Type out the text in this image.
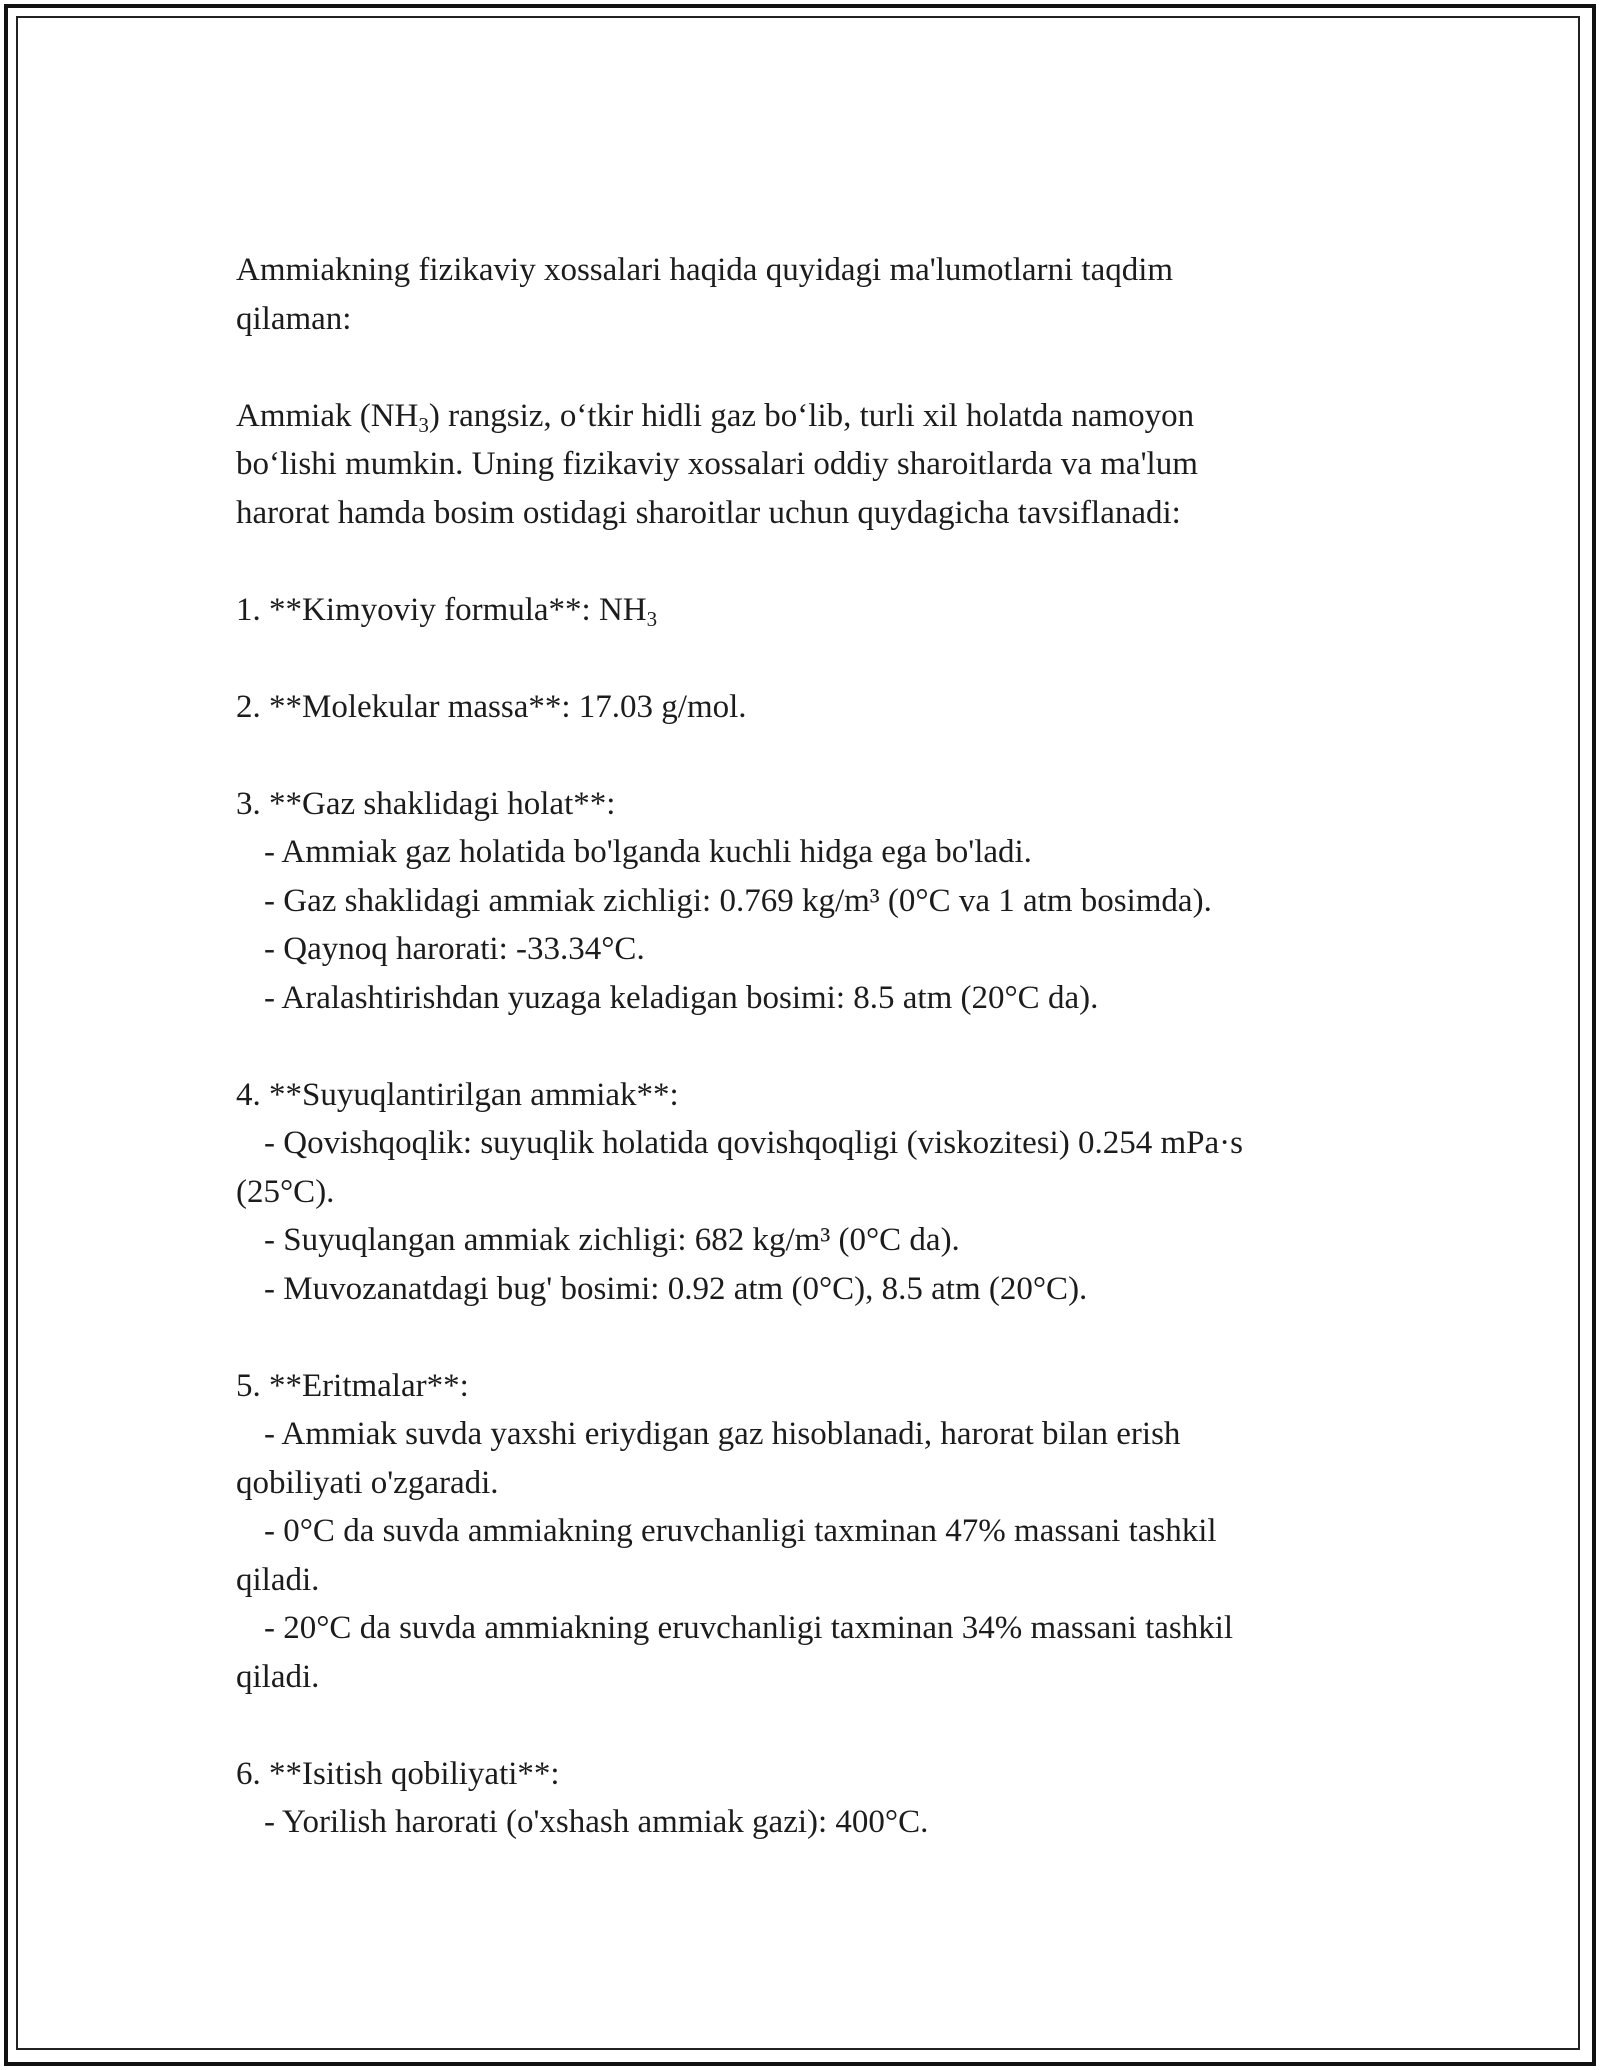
Ammiakning fizikaviy xossalari haqida quyidagi ma'lumotlarni taqdim

qilaman:

Ammiak $(NH_3)$ rangsiz, o‘tkir hidli gaz bo‘lib, turli xil holatda namoyon

bo‘lishi mumkin. Uning fizikaviy xossalari oddiy sharoitlarda va ma'lum

harorat hamda bosim ostidagi sharoitlar uchun quydagicha tavsiflanadi:

1. **Kimyoviy formula**: $NH_3$

2. **Molekular massa**: 17.03 g/mol.

3. **Gaz shaklidagi holat**:

- Ammiak gaz holatida bo'lganda kuchli hidga ega bo'ladi.

- Gaz shaklidagi ammiak zichligi: 0.769 kg/m³ (0°C va 1 atm bosimda).

- Qaynoq harorati: -33.34°C.

- Aralashtirishdan yuzaga keladigan bosimi: 8.5 atm (20°C da).

4. **Suyuqlantirilgan ammiak**:

- Qovishqoqlik: suyuqlik holatida qovishqoqligi (viskozitesi) 0.254 mPa·s

(25°C).

- Suyuqlangan ammiak zichligi: 682 kg/m³ (0°C da).

- Muvozanatdagi bug' bosimi: 0.92 atm (0°C), 8.5 atm (20°C).

5. **Eritmalar**:

- Ammiak suvda yaxshi eriydigan gaz hisoblanadi, harorat bilan erish

qobiliyati o'zgaradi.

- 0°C da suvda ammiakning eruvchanligi taxminan 47% massani tashkil

qiladi.

- 20°C da suvda ammiakning eruvchanligi taxminan 34% massani tashkil

qiladi.

6. **Isitish qobiliyati**:

- Yorilish harorati (o'xshash ammiak gazi): 400°C.
